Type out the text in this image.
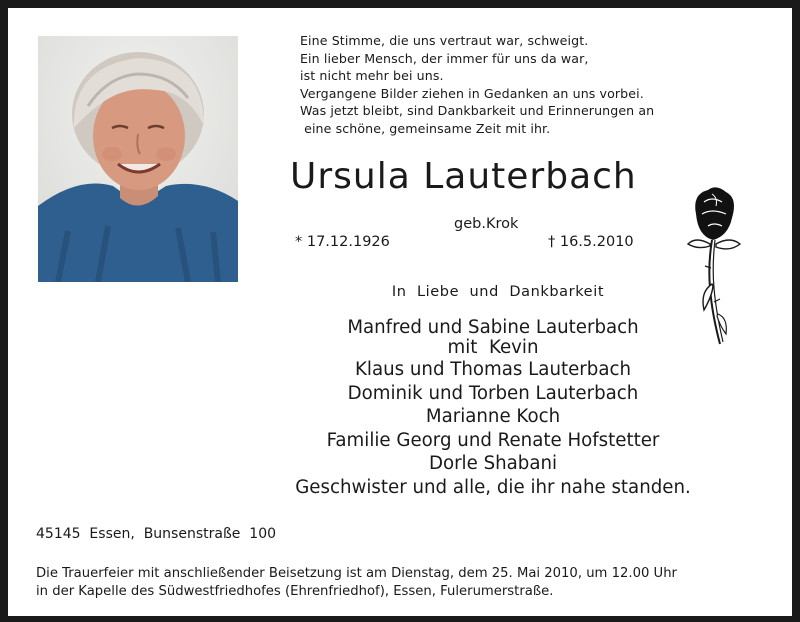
Eine Stimme, die uns vertraut war, schweigt.
Ein lieber Mensch, der immer für uns da war,
ist nicht mehr bei uns.
Vergangene Bilder ziehen in Gedanken an uns vorbei.
Was jetzt bleibt, sind Dankbarkeit und Erinnerungen an
eine schöne, gemeinsame Zeit mit ihr.
Ursula Lauterbach
geb.Krok
* 17.12.1926	† 16.5.2010
In  Liebe  und  Dankbarkeit
Manfred und Sabine Lauterbach
mit  Kevin
Klaus und Thomas Lauterbach
Dominik und Torben Lauterbach
Marianne Koch
Familie Georg und Renate Hofstetter
Dorle Shabani
Geschwister und alle, die ihr nahe standen.
45145  Essen,  Bunsenstraße  100
Die Trauerfeier mit anschließender Beisetzung ist am Dienstag, dem 25. Mai 2010, um 12.00 Uhr
in der Kapelle des Südwestfriedhofes (Ehrenfriedhof), Essen, Fulerumerstraße.
